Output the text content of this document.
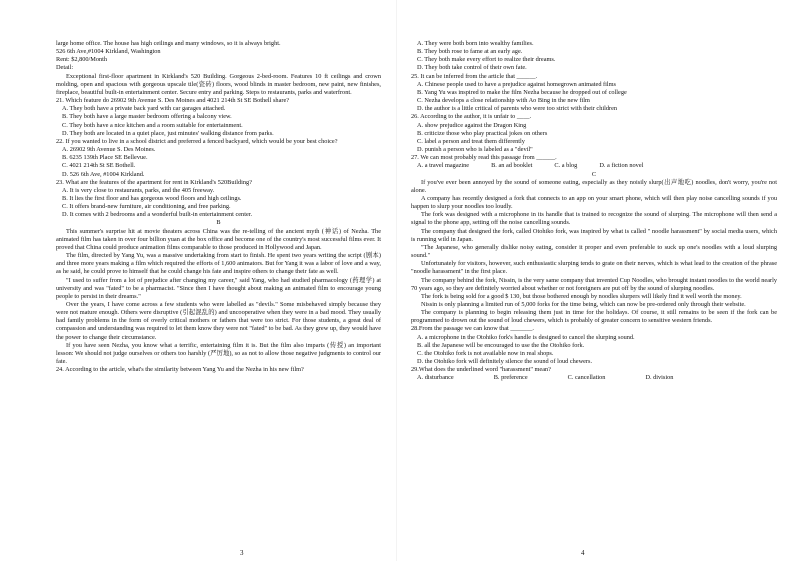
large home office. The house has high ceilings and many windows, so it is always bright.
526 6th Ave,#1004 Kirkland, Washington
Rent: $2,800/Month
Detail:
Exceptional first-floor apartment in Kirkland's 520 Building. Gorgeous 2-bed-room. Features 10 ft ceilings and crown molding, open and spacious with gorgeous upscale tile(瓷砖) floors, wood blinds in master bedroom, new paint, new finishes, fireplace, beautiful built-in entertainment center. Secure entry and parking. Steps to restaurants, parks and waterfront.
21. Which feature do 26902 9th Avenue S. Des Moines and 4021 214th St SE Bothell share?
A. They both have a private back yard with car garages attached.
B. They both have a large master bedroom offering a balcony view.
C. They both have a nice kitchen and a room suitable for entertainment.
D. They both are located in a quiet place, just minutes' walking distance from parks.
22. If you wanted to live in a school district and preferred a fenced backyard, which would be your best choice?
A. 26902 9th Avenue S. Des Moines.
B. 6235 139th Place SE Bellevue.
C. 4021 214th St SE Bothell.
D. 526 6th Ave, #1004 Kirkland.
23. What are the features of the apartment for rent in Kirkland's 520Building?
A. It is very close to restaurants, parks, and the 405 freeway.
B. It lies the first floor and has gorgeous wood floors and high ceilings.
C. It offers brand-new furniture, air conditioning, and free parking.
D. It comes with 2 bedrooms and a wonderful built-in entertainment center.
B
This summer's surprise hit at movie theaters across China was the re-telling of the ancient myth (神话) of Nezha. The animated film has taken in over four billion yuan at the box office and become one of the country's most successful films ever. It proved that China could produce animation films comparable to those produced in Hollywood and Japan.
The film, directed by Yang Yu, was a massive undertaking from start to finish. He spent two years writing the script (剧本) and three more years making a film which required the efforts of 1,600 animators. But for Yang it was a labor of love and a way, as he said, he could prove to himself that he could change his fate and inspire others to change their fate as well.
"I used to suffer from a lot of prejudice after changing my career," said Yang, who had studied pharmacology (药理学) at university and was "fated" to be a pharmacist. "Since then I have thought about making an animated film to encourage young people to persist in their dreams."
Over the years, I have come across a few students who were labelled as "devils." Some misbehaved simply because they were not mature enough. Others were disruptive (引起混乱的) and uncooperative when they were in a bad mood. They usually had family problems in the form of overly critical mothers or fathers that were too strict. For those students, a great deal of compassion and understanding was required to let them know they were not "fated" to be bad. As they grew up, they would have the power to change their circumstance.
If you have seen Nezha, you know what a terrific, entertaining film it is. But the film also imparts (传授) an important lesson: We should not judge ourselves or others too harshly (严厉地), so as not to allow those negative judgments to control our fate.
24. According to the article, what's the similarity between Yang Yu and the Nezha in his new film?
3
A. They were both born into wealthy families.
B. They both rose to fame at an early age.
C. They both make every effort to realize their dreams.
D. They both take control of their own fate.
25. It can be inferred from the article that ______.
A. Chinese people used to have a prejudice against homegrown animated films
B. Yang Yu was inspired to make the film Nezha because he dropped out of college
C. Nezha develops a close relationship with Ao Bing in the new film
D. the author is a little critical of parents who were too strict with their children
26. According to the author, it is unfair to ____.
A. show prejudice against the Dragon King
B. criticize those who play practical jokes on others
C. label a person and treat them differently
D. punish a person who is labeled as a "devil"
27. We can most probably read this passage from ______.
A. a travel magazine	B. an ad booklet	C. a blog	D. a fiction novel
C
If you've ever been annoyed by the sound of someone eating, especially as they noisily slurp(出声地吃) noodles, don't worry, you're not alone.
A company has recently designed a fork that connects to an app on your smart phone, which will then play noise cancelling sounds if you happen to slurp your noodles too loudly.
The fork was designed with a microphone in its handle that is trained to recognize the sound of slurping. The microphone will then send a signal to the phone app, setting off the noise cancelling sounds.
The company that designed the fork, called Otohiko fork, was inspired by what is called " noodle harassment" by social media users, which is running wild in Japan.
"The Japanese, who generally dislike noisy eating, consider it proper and even preferable to suck up one's noodles with a loud slurping sound."
Unfortunately for visitors, however, such enthusiastic slurping tends to grate on their nerves, which is what lead to the creation of the phrase "noodle harassment" in the first place.
The company behind the fork, Nissin, is the very same company that invented Cup Noodles, who brought instant noodles to the world nearly 70 years ago, so they are definitely worried about whether or not foreigners are put off by the sound of slurping noodles.
The fork is being sold for a good $ 130, but those bothered enough by noodles slurpers will likely find it well worth the money.
Nissin is only planning a limited run of 5,000 forks for the time being, which can now be pre-ordered only through their website.
The company is planning to begin releasing them just in time for the holidays. Of course, it still remains to be seen if the fork can be programmed to drown out the sound of loud chewers, which is probably of greater concern to sensitive western friends.
28.From the passage we can know that _______.
A. a microphone in the Otohiko fork's handle is designed to cancel the slurping sound.
B. all the Japanese will be encouraged to use the the Otohiko fork.
C. the Otohiko fork is not available now in real shops.
D. the Otohiko fork will definitely silence the sound of loud chewers.
29.What does the underlined word "harassment" mean?
A. disturbance	B. preference	C. cancellation	D. division
4
